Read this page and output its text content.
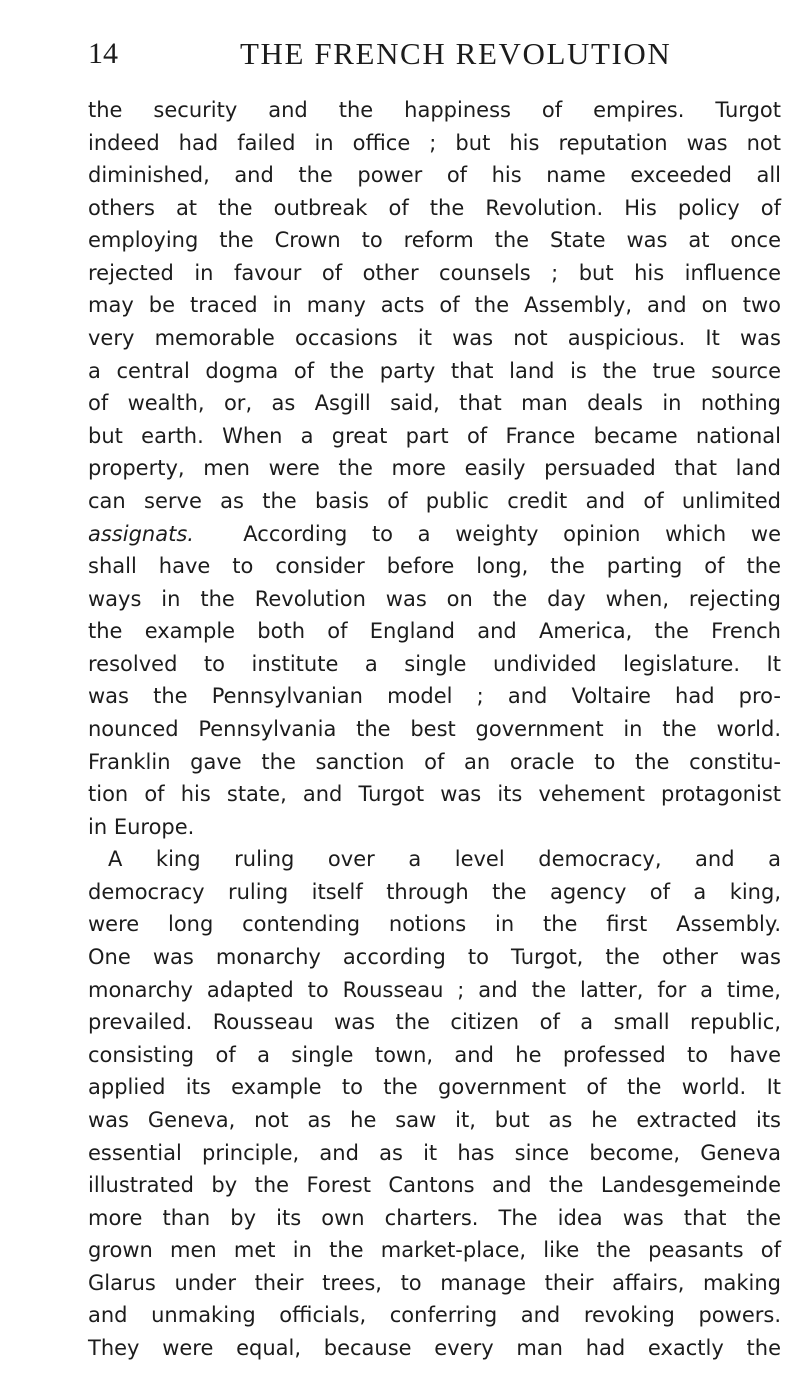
14	THE FRENCH REVOLUTION
the security and the happiness of empires. Turgot
indeed had failed in office ; but his reputation was not
diminished, and the power of his name exceeded all
others at the outbreak of the Revolution. His policy of
employing the Crown to reform the State was at once
rejected in favour of other counsels ; but his influence
may be traced in many acts of the Assembly, and on two
very memorable occasions it was not auspicious. It was
a central dogma of the party that land is the true source
of wealth, or, as Asgill said, that man deals in nothing
but earth. When a great part of France became national
property, men were the more easily persuaded that land
can serve as the basis of public credit and of unlimited
assignats. According to a weighty opinion which we
shall have to consider before long, the parting of the
ways in the Revolution was on the day when, rejecting
the example both of England and America, the French
resolved to institute a single undivided legislature. It
was the Pennsylvanian model ; and Voltaire had pro-
nounced Pennsylvania the best government in the world.
Franklin gave the sanction of an oracle to the constitu-
tion of his state, and Turgot was its vehement protagonist
in Europe.
A king ruling over a level democracy, and a
democracy ruling itself through the agency of a king,
were long contending notions in the first Assembly.
One was monarchy according to Turgot, the other was
monarchy adapted to Rousseau ; and the latter, for a time,
prevailed. Rousseau was the citizen of a small republic,
consisting of a single town, and he professed to have
applied its example to the government of the world. It
was Geneva, not as he saw it, but as he extracted its
essential principle, and as it has since become, Geneva
illustrated by the Forest Cantons and the Landesgemeinde
more than by its own charters. The idea was that the
grown men met in the market-place, like the peasants of
Glarus under their trees, to manage their affairs, making
and unmaking officials, conferring and revoking powers.
They were equal, because every man had exactly the
